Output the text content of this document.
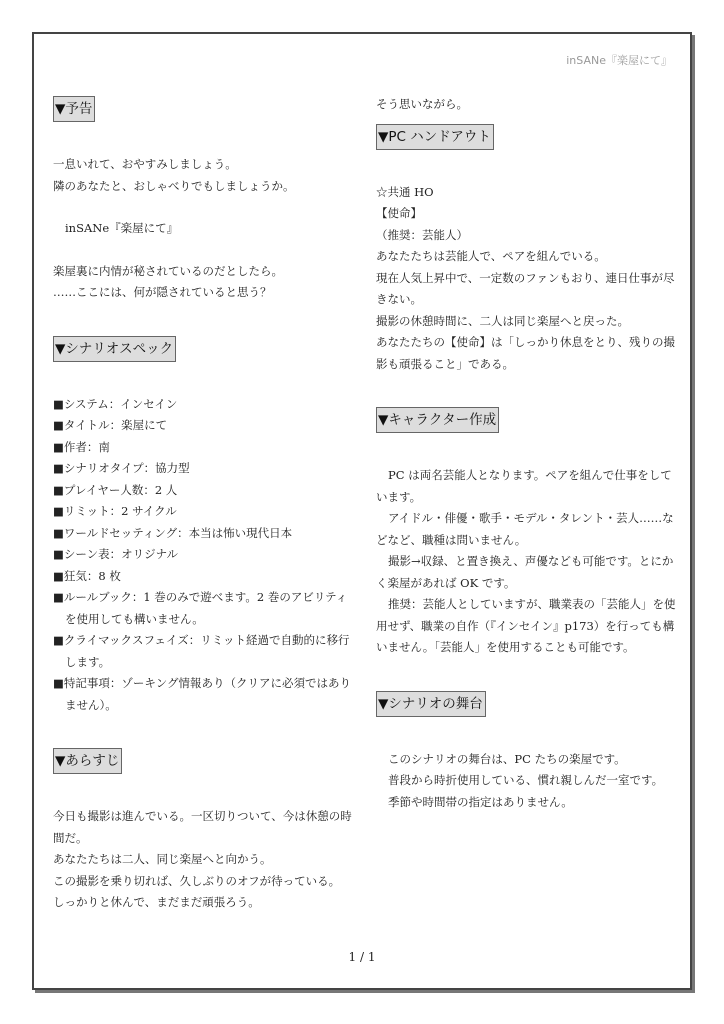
inSANe『楽屋にて』
▼予告

一息いれて、おやすみしましょう。

隣のあなたと、おしゃべりでもしましょうか。

inSANe『楽屋にて』

楽屋裏に内情が秘されているのだとしたら。

……ここには、何が隠されていると思う？

▼シナリオスペック

■システム：インセイン

■タイトル：楽屋にて

■作者：南

■シナリオタイプ：協力型

■プレイヤー人数：2 人

■リミット：2 サイクル

■ワールドセッティング：本当は怖い現代日本

■シーン表：オリジナル

■狂気：8 枚

■ルールブック：1 巻のみで遊べます。2 巻のアビリティを使用しても構いません。

■クライマックスフェイズ：リミット経過で自動的に移行します。

■特記事項：ゾーキング情報あり（クリアに必須ではありません）。

▼あらすじ

今日も撮影は進んでいる。一区切りついて、今は休憩の時間だ。

あなたたちは二人、同じ楽屋へと向かう。

この撮影を乗り切れば、久しぶりのオフが待っている。

しっかりと休んで、まだまだ頑張ろう。

そう思いながら。

▼PC ハンドアウト

☆共通 HO

【使命】

（推奨：芸能人）

あなたたちは芸能人で、ペアを組んでいる。

現在人気上昇中で、一定数のファンもおり、連日仕事が尽きない。

撮影の休憩時間に、二人は同じ楽屋へと戻った。

あなたたちの【使命】は「しっかり休息をとり、残りの撮影も頑張ること」である。

▼キャラクター作成

PC は両名芸能人となります。ペアを組んで仕事をしています。

アイドル・俳優・歌手・モデル・タレント・芸人……などなど、職種は問いません。

撮影→収録、と置き換え、声優なども可能です。とにかく楽屋があれば OK です。

推奨：芸能人としていますが、職業表の「芸能人」を使用せず、職業の自作（『インセイン』p173）を行っても構いません。「芸能人」を使用することも可能です。

▼シナリオの舞台

このシナリオの舞台は、PC たちの楽屋です。

普段から時折使用している、慣れ親しんだ一室です。

季節や時間帯の指定はありません。

1 / 1
